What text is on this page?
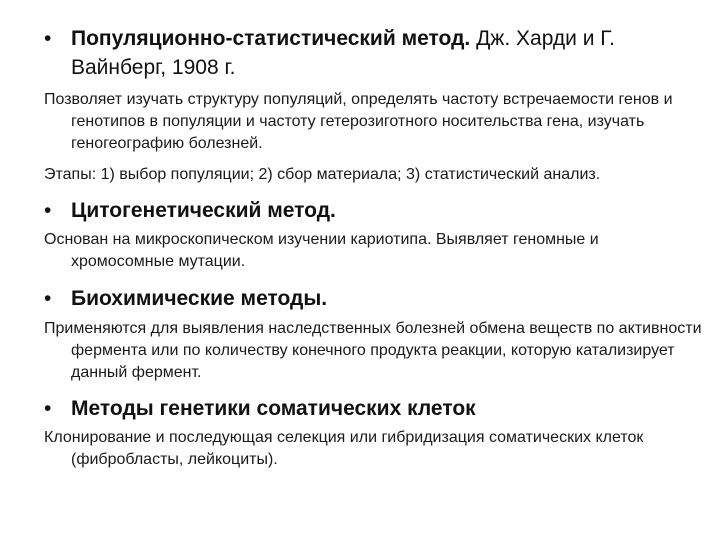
• Популяционно-статистический метод. Дж. Харди и Г. Вайнберг, 1908 г.
Позволяет изучать структуру популяций, определять частоту встречаемости генов и генотипов в популяции и частоту гетерозиготного носительства гена, изучать геногеографию болезней.
Этапы: 1) выбор популяции; 2) сбор материала; 3) статистический анализ.
• Цитогенетический метод.
Основан на микроскопическом изучении кариотипа. Выявляет геномные и хромосомные мутации.
• Биохимические методы.
Применяются для выявления наследственных болезней обмена веществ по активности фермента или по количеству конечного продукта реакции, которую катализирует данный фермент.
• Методы генетики соматических клеток
Клонирование и последующая селекция или гибридизация соматических клеток (фибробласты, лейкоциты).
